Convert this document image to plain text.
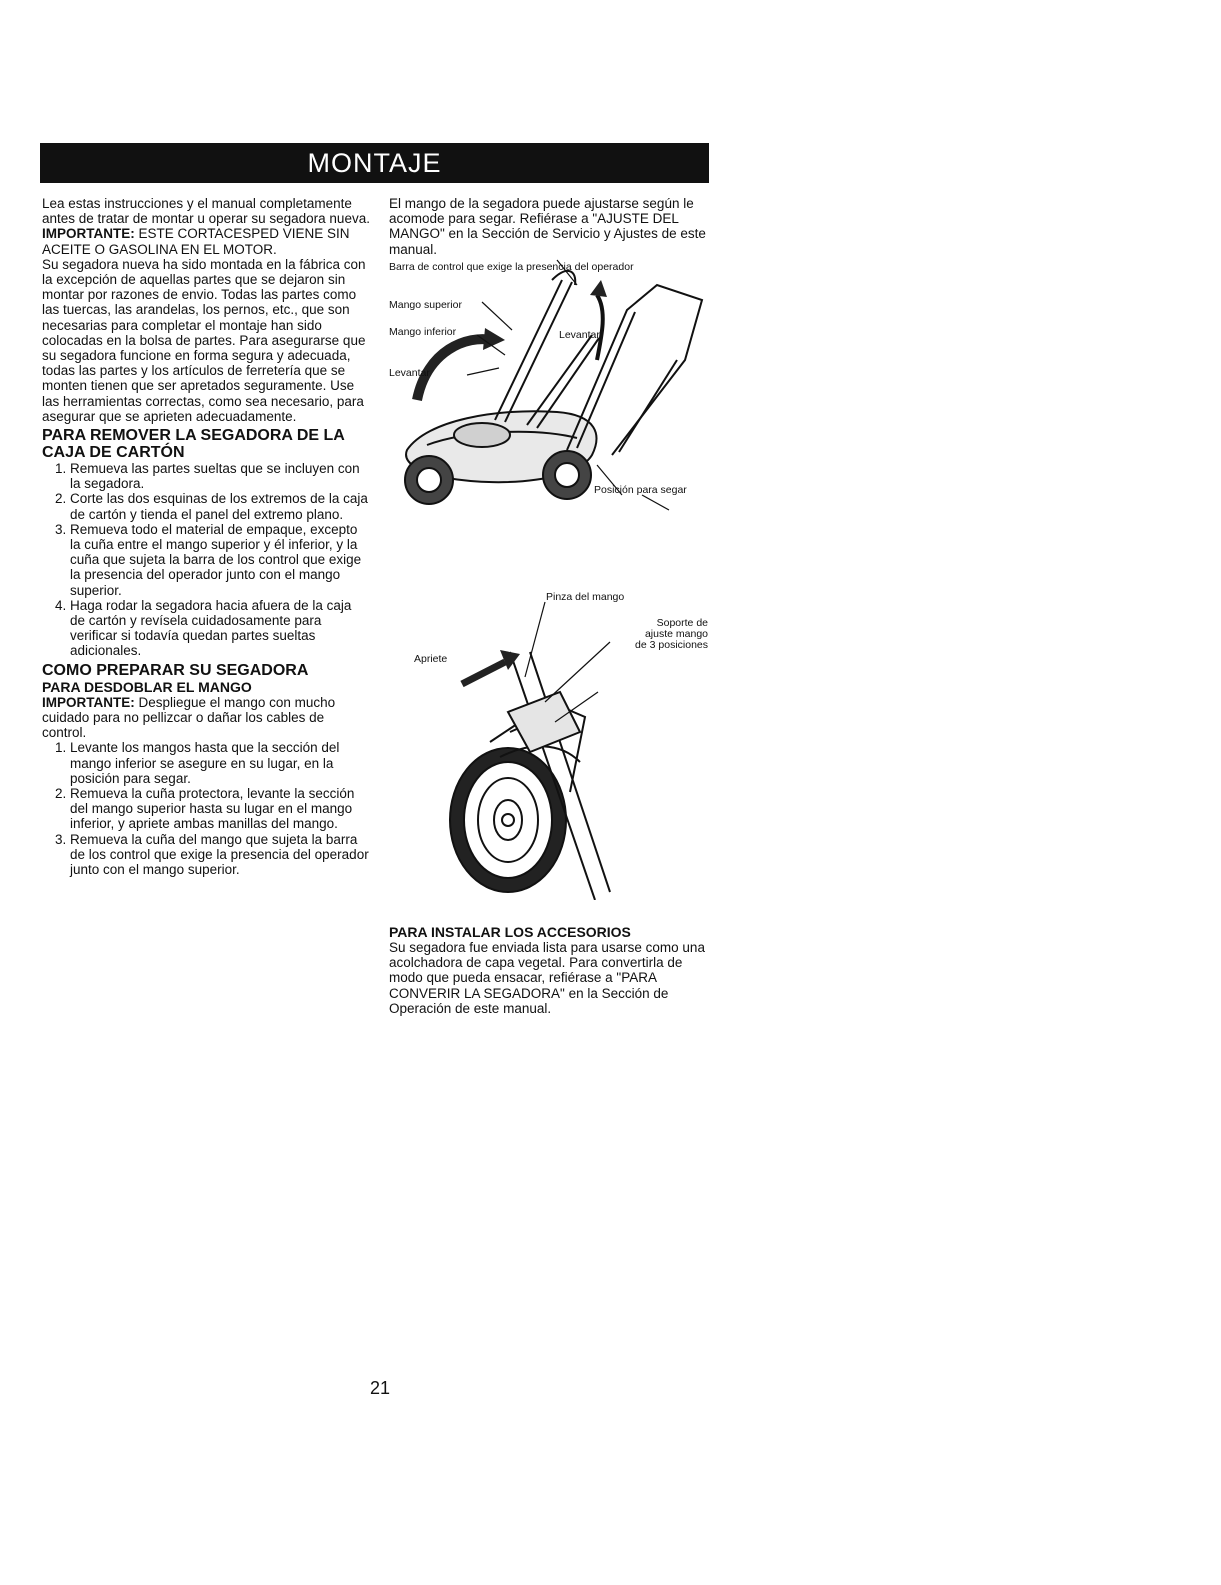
MONTAJE

Lea estas instrucciones y el manual completamente antes de tratar de montar u operar su segadora nueva.

IMPORTANTE: ESTE CORTACESPED VIENE SIN ACEITE O GASOLINA EN EL MOTOR.

Su segadora nueva ha sido montada en la fábrica con la excepción de aquellas partes que se dejaron sin montar por razones de envio. Todas las partes como las tuercas, las arandelas, los pernos, etc., que son necesarias para completar el montaje han sido colocadas en la bolsa de partes. Para asegurarse que su segadora funcione en forma segura y adecuada, todas las partes y los artículos de ferretería que se monten tienen que ser apretados seguramente. Use las herramientas correctas, como sea necesario, para asegurar que se aprieten adecuadamente.

PARA REMOVER LA SEGADORA DE LA CAJA DE CARTÓN
1. Remueva las partes sueltas que se incluyen con la segadora.
2. Corte las dos esquinas de los extremos de la caja de cartón y tienda el panel del extremo plano.
3. Remueva todo el material de empaque, excepto la cuña entre el mango superior y él inferior, y la cuña que sujeta la barra de los control que exige la presencia del operador junto con el mango superior.
4. Haga rodar la segadora hacia afuera de la caja de cartón y revísela cuidadosamente para verificar si todavía quedan partes sueltas adicionales.
COMO PREPARAR SU SEGADORA
PARA DESDOBLAR EL MANGO

IMPORTANTE: Despliegue el mango con mucho cuidado para no pellizcar o dañar los cables de control.

1. Levante los mangos hasta que la sección del mango inferior se asegure en su lugar, en la posición para segar.
2. Remueva la cuña protectora, levante la sección del mango superior hasta su lugar en el mango inferior, y apriete ambas manillas del mango.
3. Remueva la cuña del mango que sujeta la barra de los control que exige la presencia del operador junto con el mango superior.

El mango de la segadora puede ajustarse según le acomode para segar. Refiérase a "AJUSTE DEL MANGO" en la Sección de Servicio y Ajustes de este manual.

Barra de control que exige la presencia del operador
Mango superior
Mango inferior
Levantar
Levantar
Posición para segar
Pinza del mango
Soporte de
ajuste mango
de 3 posiciones
Apriete
PARA INSTALAR LOS ACCESORIOS

Su segadora fue enviada lista para usarse como una acolchadora de capa vegetal. Para convertirla de modo que pueda ensacar, refiérase a "PARA CONVERIR LA SEGADORA" en la Sección de Operación de este manual.

21
